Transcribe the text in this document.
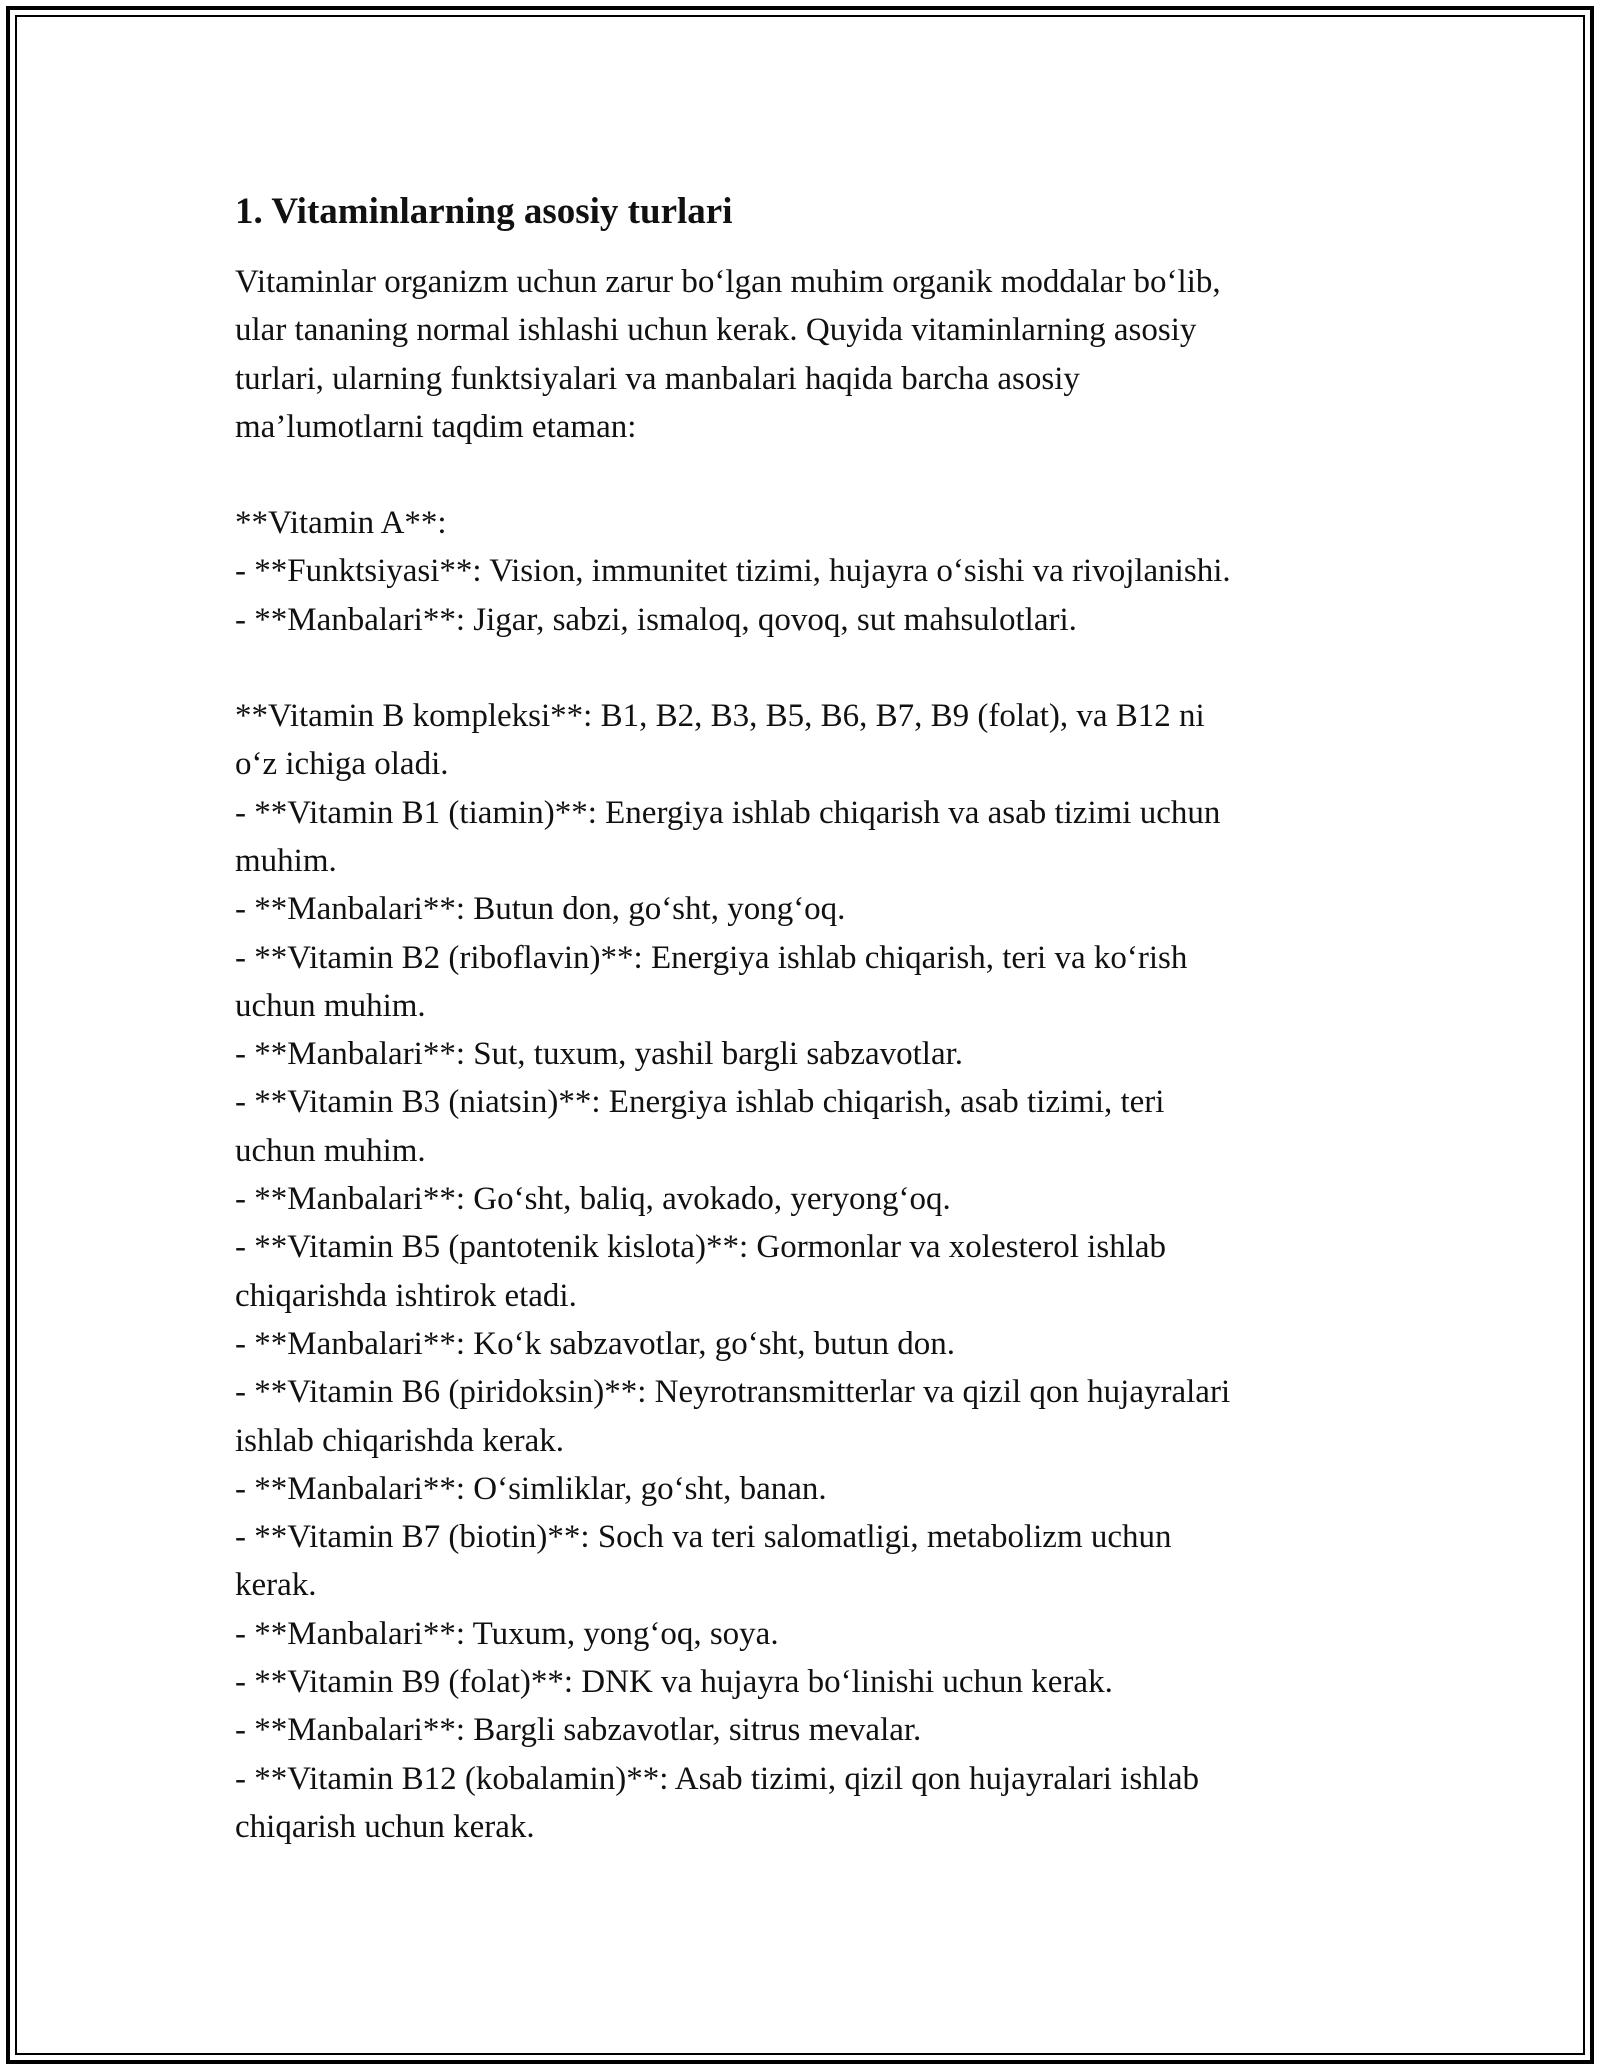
1. Vitaminlarning asosiy turlari

Vitaminlar organizm uchun zarur bo‘lgan muhim organik moddalar bo‘lib,
ular tananing normal ishlashi uchun kerak. Quyida vitaminlarning asosiy
turlari, ularning funktsiyalari va manbalari haqida barcha asosiy
ma’lumotlarni taqdim etaman:

**Vitamin A**:
- **Funktsiyasi**: Vision, immunitet tizimi, hujayra o‘sishi va rivojlanishi.
- **Manbalari**: Jigar, sabzi, ismaloq, qovoq, sut mahsulotlari.
**Vitamin B kompleksi**: B1, B2, B3, B5, B6, B7, B9 (folat), va B12 ni
o‘z ichiga oladi.
- **Vitamin B1 (tiamin)**: Energiya ishlab chiqarish va asab tizimi uchun
muhim.
- **Manbalari**: Butun don, go‘sht, yong‘oq.
- **Vitamin B2 (riboflavin)**: Energiya ishlab chiqarish, teri va ko‘rish
uchun muhim.
- **Manbalari**: Sut, tuxum, yashil bargli sabzavotlar.
- **Vitamin B3 (niatsin)**: Energiya ishlab chiqarish, asab tizimi, teri
uchun muhim.
- **Manbalari**: Go‘sht, baliq, avokado, yeryong‘oq.
- **Vitamin B5 (pantotenik kislota)**: Gormonlar va xolesterol ishlab
chiqarishda ishtirok etadi.
- **Manbalari**: Ko‘k sabzavotlar, go‘sht, butun don.
- **Vitamin B6 (piridoksin)**: Neyrotransmitterlar va qizil qon hujayralari
ishlab chiqarishda kerak.
- **Manbalari**: O‘simliklar, go‘sht, banan.
- **Vitamin B7 (biotin)**: Soch va teri salomatligi, metabolizm uchun
kerak.
- **Manbalari**: Tuxum, yong‘oq, soya.
- **Vitamin B9 (folat)**: DNK va hujayra bo‘linishi uchun kerak.
- **Manbalari**: Bargli sabzavotlar, sitrus mevalar.
- **Vitamin B12 (kobalamin)**: Asab tizimi, qizil qon hujayralari ishlab
chiqarish uchun kerak.
